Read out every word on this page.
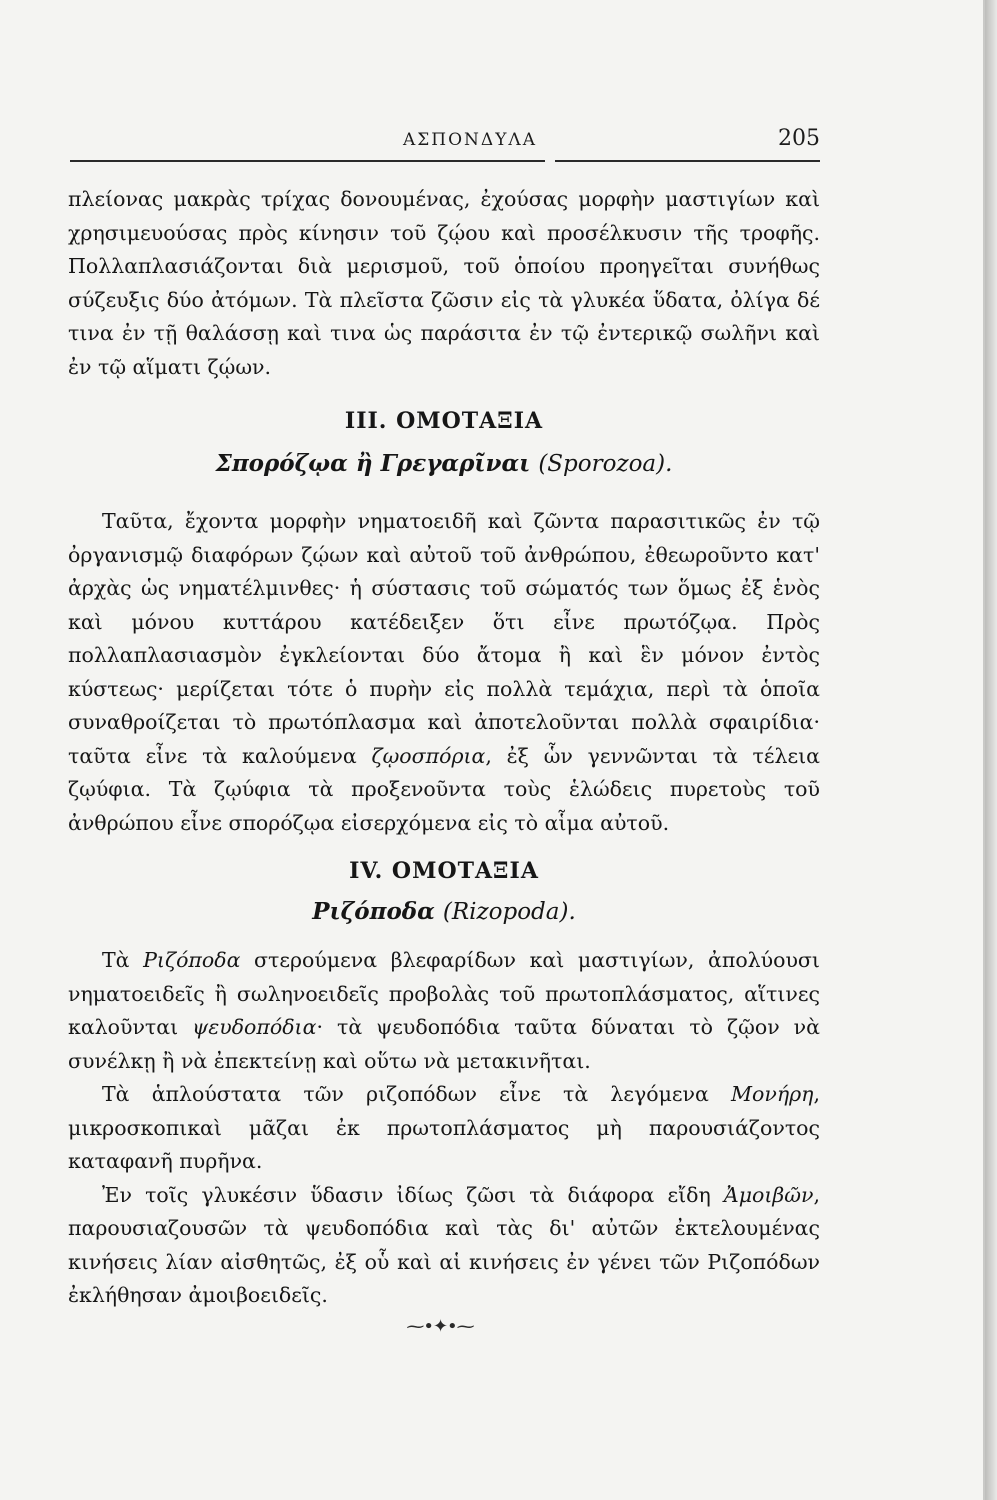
ΑΣΠΟΝΔΥΛΑ	205

πλείονας μακρὰς τρίχας δονουμένας, ἐχούσας μορφὴν μαστιγίων καὶ χρησιμευούσας πρὸς κίνησιν τοῦ ζῴου καὶ προσέλκυσιν τῆς τροφῆς. Πολλαπλασιάζονται διὰ μερισμοῦ, τοῦ ὁποίου προηγεῖται συνήθως σύζευξις δύο ἀτόμων. Τὰ πλεῖστα ζῶσιν εἰς τὰ γλυκέα ὕδατα, ὀλίγα δέ τινα ἐν τῇ θαλάσσῃ καὶ τινα ὡς παράσιτα ἐν τῷ ἐντερικῷ σωλῆνι καὶ ἐν τῷ αἵματι ζῴων.

III. ΟΜΟΤΑΞΙΑ
Σπορόζῳα ἢ Γρεγαρῖναι (Sporozoa).

Ταῦτα, ἔχοντα μορφὴν νηματοειδῆ καὶ ζῶντα παρασιτικῶς ἐν τῷ ὀργανισμῷ διαφόρων ζῴων καὶ αὐτοῦ τοῦ ἀνθρώπου, ἐθεωροῦντο κατ' ἀρχὰς ὡς νηματέλμινθες· ἡ σύστασις τοῦ σώματός των ὅμως ἐξ ἑνὸς καὶ μόνου κυττάρου κατέδειξεν ὅτι εἶνε πρωτόζῳα. Πρὸς πολλαπλασιασμὸν ἐγκλείονται δύο ἄτομα ἢ καὶ ἓν μόνον ἐντὸς κύστεως· μερίζεται τότε ὁ πυρὴν εἰς πολλὰ τεμάχια, περὶ τὰ ὁποῖα συναθροίζεται τὸ πρωτόπλασμα καὶ ἀποτελοῦνται πολλὰ σφαιρίδια· ταῦτα εἶνε τὰ καλούμενα ζῳοσπόρια, ἐξ ὧν γεννῶνται τὰ τέλεια ζῳύφια. Τὰ ζῳύφια τὰ προξενοῦντα τοὺς ἑλώδεις πυρετοὺς τοῦ ἀνθρώπου εἶνε σπορόζῳα εἰσερχόμενα εἰς τὸ αἷμα αὐτοῦ.

IV. ΟΜΟΤΑΞΙΑ
Ριζόποδα (Rizopoda).

Τὰ Ριζόποδα στερούμενα βλεφαρίδων καὶ μαστιγίων, ἀπολύουσι νηματοειδεῖς ἢ σωληνοειδεῖς προβολὰς τοῦ πρωτοπλάσματος, αἵτινες καλοῦνται ψευδοπόδια· τὰ ψευδοπόδια ταῦτα δύναται τὸ ζῷον νὰ συνέλκῃ ἢ νὰ ἐπεκτείνῃ καὶ οὕτω νὰ μετακινῆται.

Τὰ ἁπλούστατα τῶν ριζοπόδων εἶνε τὰ λεγόμενα Μονήρη, μικροσκοπικαὶ μᾶζαι ἐκ πρωτοπλάσματος μὴ παρουσιάζοντος καταφανῆ πυρῆνα.

Ἐν τοῖς γλυκέσιν ὕδασιν ἰδίως ζῶσι τὰ διάφορα εἴδη Ἀμοιβῶν, παρουσιαζουσῶν τὰ ψευδοπόδια καὶ τὰς δι' αὐτῶν ἐκτελουμένας κινήσεις λίαν αἰσθητῶς, ἐξ οὗ καὶ αἱ κινήσεις ἐν γένει τῶν Ριζοπόδων ἐκλήθησαν ἀμοιβοειδεῖς.

⁓•✦•⁓
